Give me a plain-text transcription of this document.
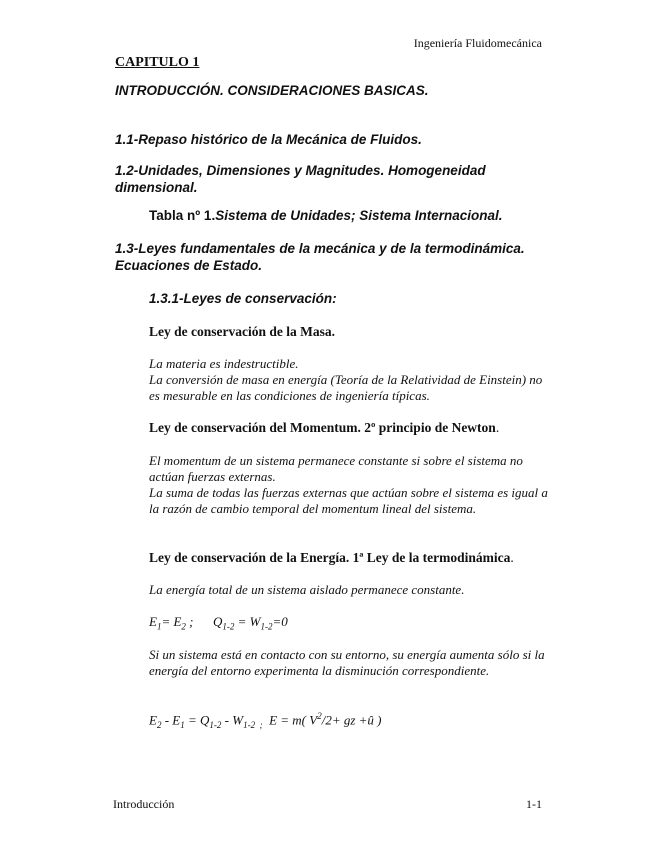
Ingeniería Fluidomecánica
CAPITULO 1
INTRODUCCIÓN. CONSIDERACIONES BASICAS.
1.1-Repaso histórico de la Mecánica de Fluidos.
1.2-Unidades, Dimensiones y Magnitudes. Homogeneidad dimensional.
Tabla nº 1.Sistema de Unidades; Sistema Internacional.
1.3-Leyes fundamentales de la mecánica y de la termodinámica. Ecuaciones de Estado.
1.3.1-Leyes de conservación:
Ley de conservación de la Masa.
La materia es indestructible.
La conversión de masa en energía (Teoría de la Relatividad de Einstein) no es mesurable en las condiciones de ingeniería típicas.
Ley de conservación del Momentum. 2º principio de Newton.
El momentum de un sistema permanece constante si sobre el sistema no actúan fuerzas externas.
La suma de todas las fuerzas externas que actúan sobre el sistema es igual a la razón de cambio temporal del momentum lineal del sistema.
Ley de conservación de la Energía. 1ª Ley de la termodinámica.
La energía total de un sistema aislado permanece constante.
$E_1= E_2$ ;      $Q_{1-2} = W_{1-2}=0$
Si un sistema está en contacto con su entorno, su energía aumenta sólo si la energía del entorno experimenta la disminución correspondiente.
$E_2 - E_1 = Q_{1-2} - W_{1-2 ;}$  E = m( $V^2/2+$ gz +û )
Introducción	1-1
